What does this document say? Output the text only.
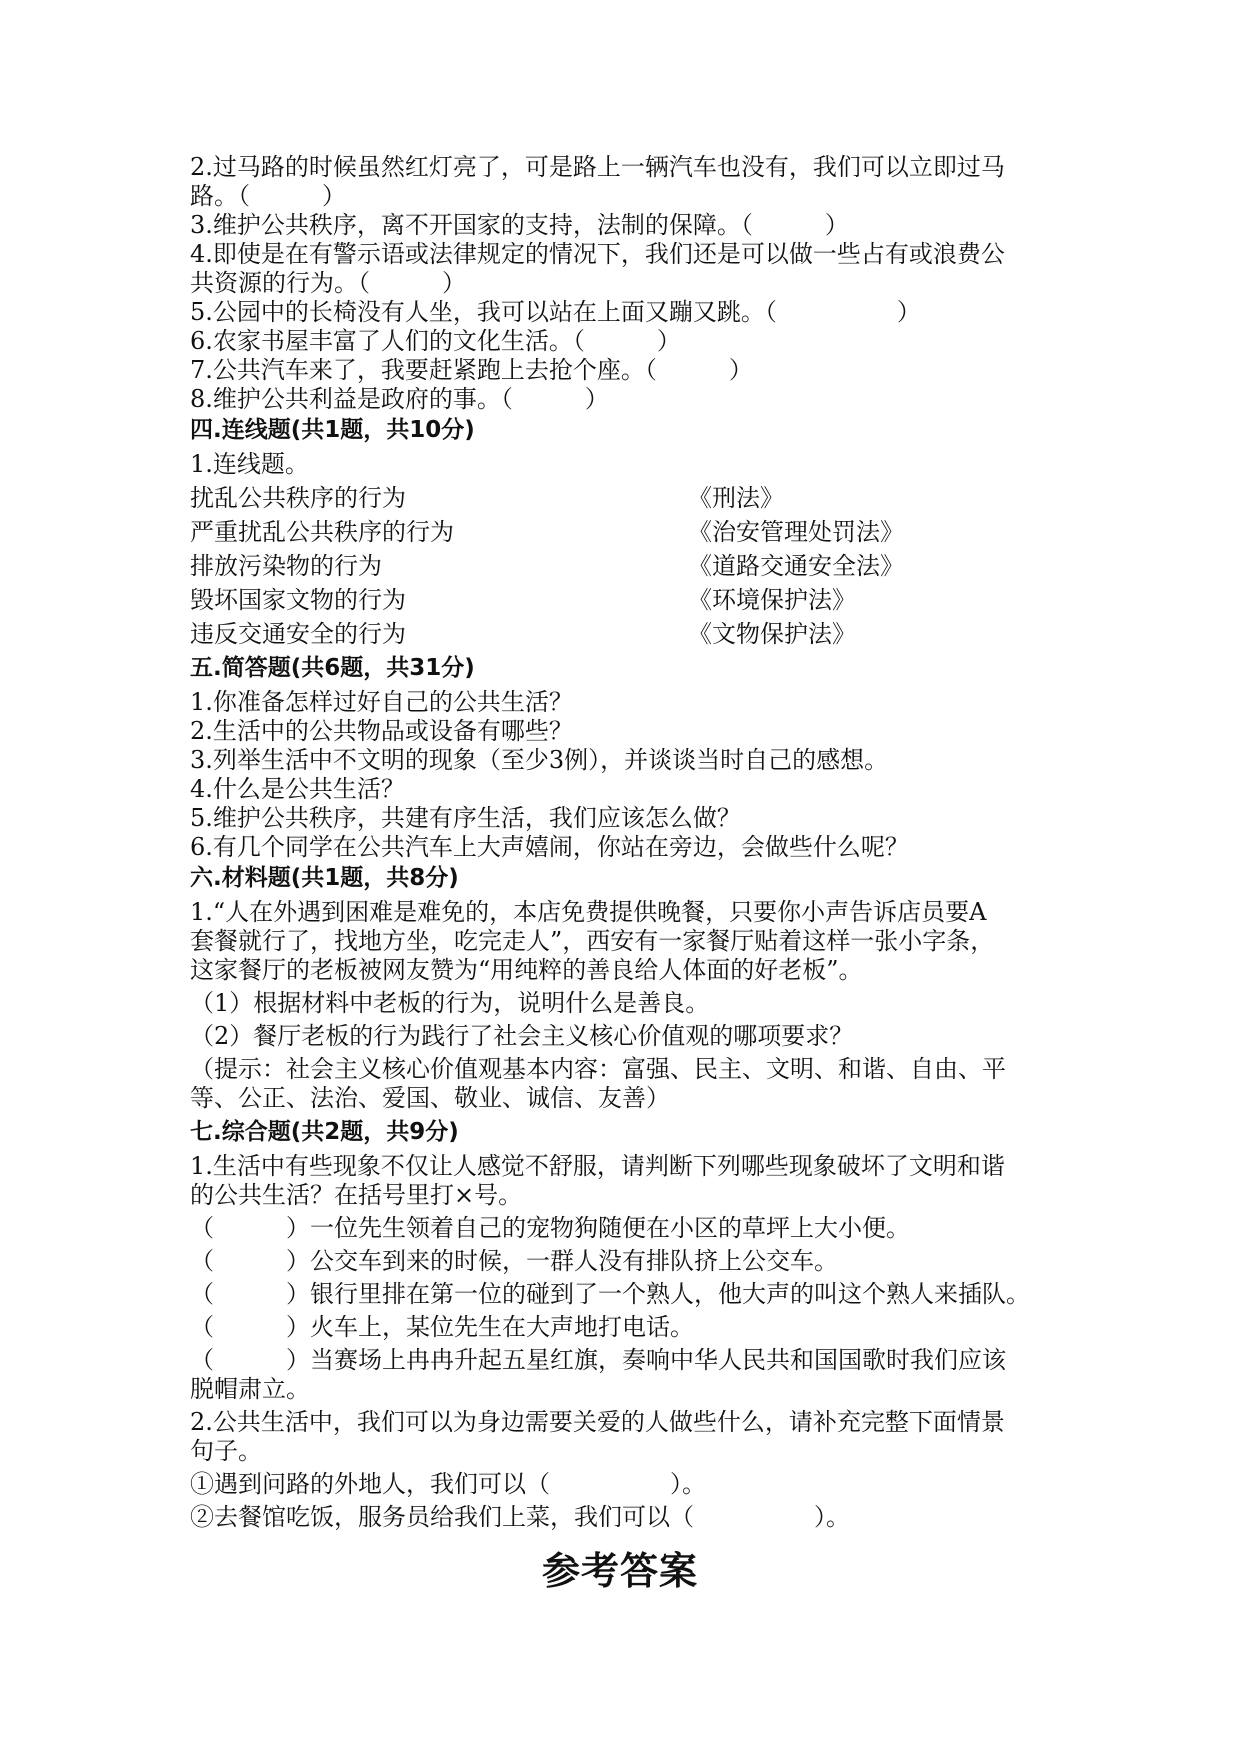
2.过马路的时候虽然红灯亮了，可是路上一辆汽车也没有，我们可以立即过马
路。（　　　）
3.维护公共秩序，离不开国家的支持，法制的保障。（　　　）
4.即使是在有警示语或法律规定的情况下，我们还是可以做一些占有或浪费公
共资源的行为。（　　　）
5.公园中的长椅没有人坐，我可以站在上面又蹦又跳。（　　　　　）
6.农家书屋丰富了人们的文化生活。（　　　）
7.公共汽车来了，我要赶紧跑上去抢个座。（　　　）
8.维护公共利益是政府的事。（　　　）
四.连线题(共1题，共10分)
1.连线题。
扰乱公共秩序的行为
严重扰乱公共秩序的行为
排放污染物的行为
毁坏国家文物的行为
违反交通安全的行为
《刑法》
《治安管理处罚法》
《道路交通安全法》
《环境保护法》
《文物保护法》
五.简答题(共6题，共31分)
1.你准备怎样过好自己的公共生活？
2.生活中的公共物品或设备有哪些？
3.列举生活中不文明的现象（至少3例），并谈谈当时自己的感想。
4.什么是公共生活？
5.维护公共秩序，共建有序生活，我们应该怎么做？
6.有几个同学在公共汽车上大声嬉闹，你站在旁边，会做些什么呢？
六.材料题(共1题，共8分)
1.“人在外遇到困难是难免的，本店免费提供晚餐，只要你小声告诉店员要A
套餐就行了，找地方坐，吃完走人”，西安有一家餐厅贴着这样一张小字条，
这家餐厅的老板被网友赞为“用纯粹的善良给人体面的好老板”。
（1）根据材料中老板的行为，说明什么是善良。
（2）餐厅老板的行为践行了社会主义核心价值观的哪项要求？
（提示：社会主义核心价值观基本内容：富强、民主、文明、和谐、自由、平
等、公正、法治、爱国、敬业、诚信、友善）
七.综合题(共2题，共9分)
1.生活中有些现象不仅让人感觉不舒服，请判断下列哪些现象破坏了文明和谐
的公共生活？在括号里打×号。
（　　　）一位先生领着自己的宠物狗随便在小区的草坪上大小便。
（　　　）公交车到来的时候，一群人没有排队挤上公交车。
（　　　）银行里排在第一位的碰到了一个熟人，他大声的叫这个熟人来插队。
（　　　）火车上，某位先生在大声地打电话。
（　　　）当赛场上冉冉升起五星红旗，奏响中华人民共和国国歌时我们应该
脱帽肃立。
2.公共生活中，我们可以为身边需要关爱的人做些什么，请补充完整下面情景
句子。
①遇到问路的外地人，我们可以（　　　　　）。
②去餐馆吃饭，服务员给我们上菜，我们可以（　　　　　）。
参考答案
